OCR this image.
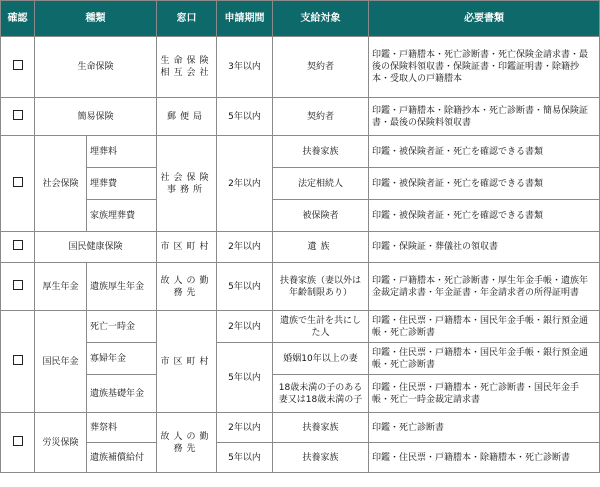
確認	種類		窓口	申請期間	支給対象	必要書類
	生命保険		生命保険相互会社	3年以内	契約者	印鑑・戸籍謄本・死亡診断書・死亡保険金請求書・最後の保険料領収書・保険証書・印鑑証明書・除籍抄本・受取人の戸籍謄本
	簡易保険		郵便局	5年以内	契約者	印鑑・戸籍謄本・除籍抄本・死亡診断書・簡易保険証書・最後の保険料領収書
	社会保険	埋葬料	社会保険事務所	2年以内	扶養家族	印鑑・被保険者証・死亡を確認できる書類
		埋葬費			法定相続人	印鑑・被保険者証・死亡を確認できる書類
		家族埋葬費			被保険者	印鑑・被保険者証・死亡を確認できる書類
	国民健康保険		市区町村	2年以内	遺族	印鑑・保険証・葬儀社の領収書
	厚生年金	遺族厚生年金	故人の勤務先	5年以内	扶養家族（妻以外は年齢制限あり）	印鑑・戸籍謄本・死亡診断書・厚生年金手帳・遺族年金裁定請求書・年金証書・年金請求者の所得証明書
	国民年金	死亡一時金	市区町村	2年以内	遺族で生計を共にした人	印鑑・住民票・戸籍謄本・国民年金手帳・銀行預金通帳・死亡診断書
		寡婦年金		5年以内	婚姻10年以上の妻	印鑑・住民票・戸籍謄本・国民年金手帳・銀行預金通帳・死亡診断書
		遺族基礎年金			18歳未満の子のある妻又は18歳未満の子	印鑑・住民票・戸籍謄本・死亡診断書・国民年金手帳・死亡一時金裁定請求書
	労災保険	葬祭料	故人の勤務先	2年以内	扶養家族	印鑑・死亡診断書
		遺族補償給付		5年以内	扶養家族	印鑑・住民票・戸籍謄本・除籍謄本・死亡診断書
